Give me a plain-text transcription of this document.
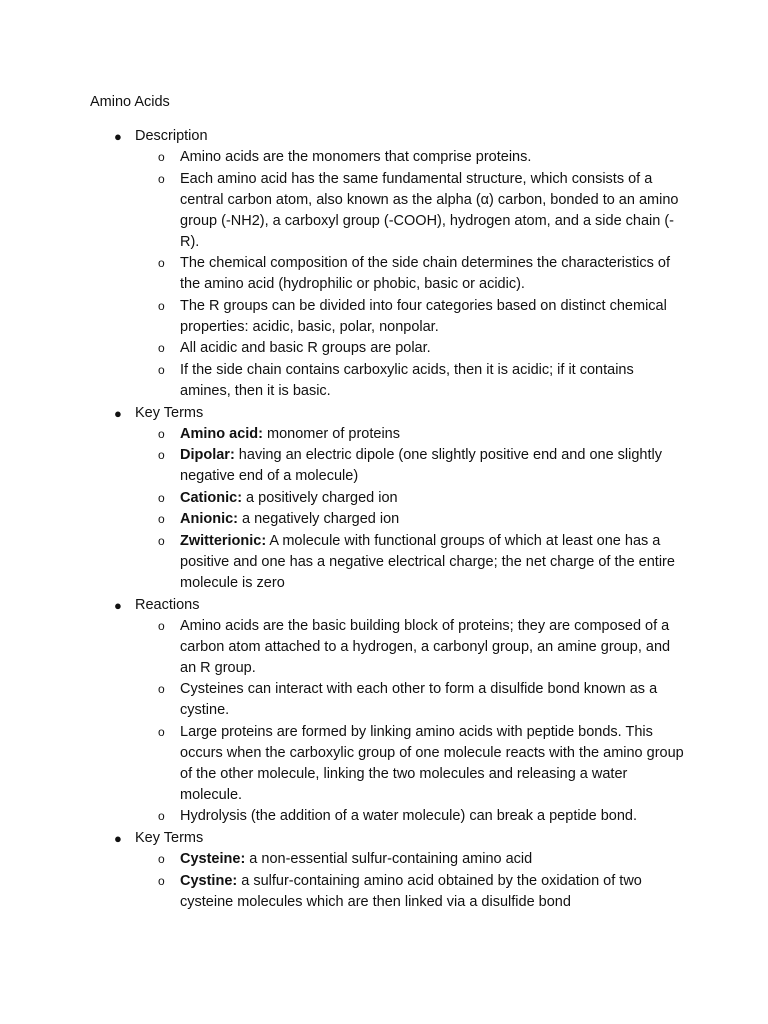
Amino Acids
● Description
o Amino acids are the monomers that comprise proteins.
o Each amino acid has the same fundamental structure, which consists of a central carbon atom, also known as the alpha (α) carbon, bonded to an amino group (-NH2), a carboxyl group (-COOH), hydrogen atom, and a side chain (-R).
o The chemical composition of the side chain determines the characteristics of the amino acid (hydrophilic or phobic, basic or acidic).
o The R groups can be divided into four categories based on distinct chemical properties: acidic, basic, polar, nonpolar.
o All acidic and basic R groups are polar.
o If the side chain contains carboxylic acids, then it is acidic; if it contains amines, then it is basic.
● Key Terms
o Amino acid: monomer of proteins
o Dipolar: having an electric dipole (one slightly positive end and one slightly negative end of a molecule)
o Cationic: a positively charged ion
o Anionic: a negatively charged ion
o Zwitterionic: A molecule with functional groups of which at least one has a positive and one has a negative electrical charge; the net charge of the entire molecule is zero
● Reactions
o Amino acids are the basic building block of proteins; they are composed of a carbon atom attached to a hydrogen, a carbonyl group, an amine group, and an R group.
o Cysteines can interact with each other to form a disulfide bond known as a cystine.
o Large proteins are formed by linking amino acids with peptide bonds. This occurs when the carboxylic group of one molecule reacts with the amino group of the other molecule, linking the two molecules and releasing a water molecule.
o Hydrolysis (the addition of a water molecule) can break a peptide bond.
● Key Terms
o Cysteine: a non-essential sulfur-containing amino acid
o Cystine: a sulfur-containing amino acid obtained by the oxidation of two cysteine molecules which are then linked via a disulfide bond
